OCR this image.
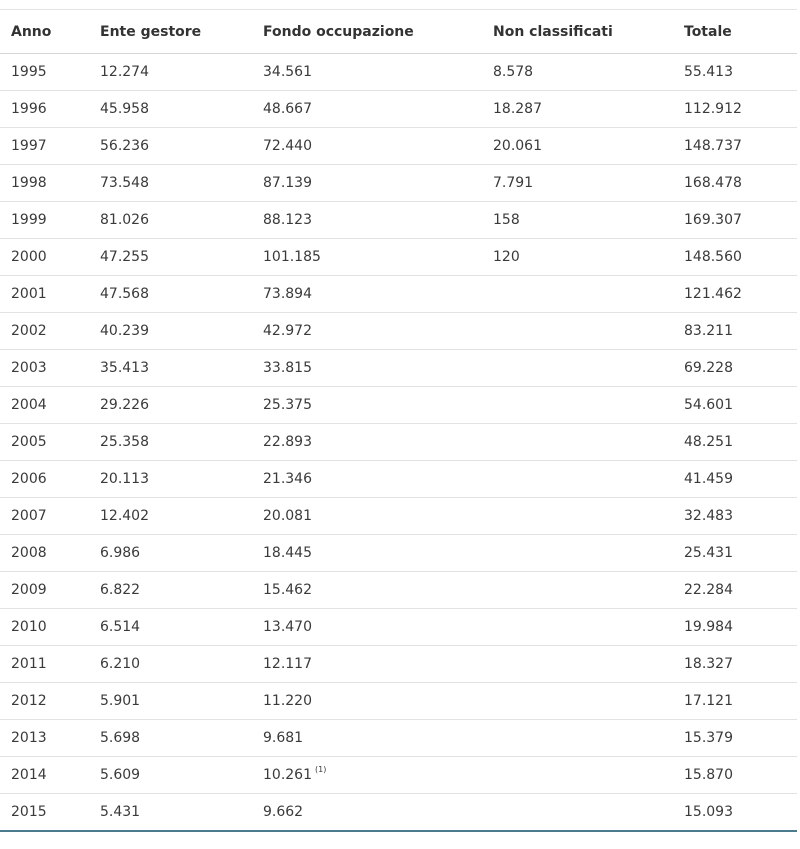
Anno	Ente gestore	Fondo occupazione	Non classificati	Totale
1995	12.274	34.561	8.578	55.413
1996	45.958	48.667	18.287	112.912
1997	56.236	72.440	20.061	148.737
1998	73.548	87.139	7.791	168.478
1999	81.026	88.123	158	169.307
2000	47.255	101.185	120	148.560
2001	47.568	73.894		121.462
2002	40.239	42.972		83.211
2003	35.413	33.815		69.228
2004	29.226	25.375		54.601
2005	25.358	22.893		48.251
2006	20.113	21.346		41.459
2007	12.402	20.081		32.483
2008	6.986	18.445		25.431
2009	6.822	15.462		22.284
2010	6.514	13.470		19.984
2011	6.210	12.117		18.327
2012	5.901	11.220		17.121
2013	5.698	9.681		15.379
2014	5.609	10.261 $^{(1)}$		15.870
2015	5.431	9.662		15.093
